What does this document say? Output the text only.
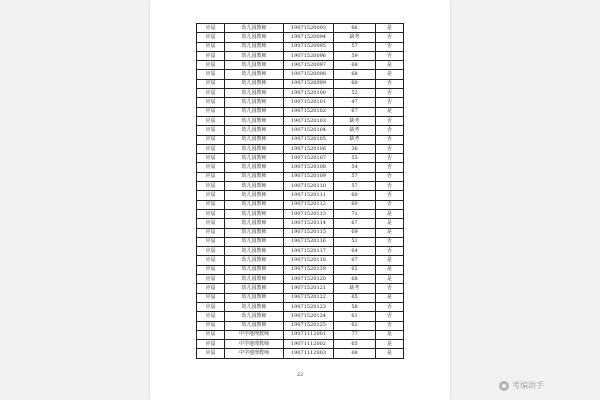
应届	幼儿园教师	19071520093	66	是
应届	幼儿园教师	19071520094	缺考	否
应届	幼儿园教师	19071520095	57	否
应届	幼儿园教师	19071520096	59	否
应届	幼儿园教师	19071520097	68	是
应届	幼儿园教师	19071520098	68	是
应届	幼儿园教师	19071520099	60	否
应届	幼儿园教师	19071520100	52	否
应届	幼儿园教师	19071520101	47	否
应届	幼儿园教师	19071520102	67	是
应届	幼儿园教师	19071520103	缺考	否
应届	幼儿园教师	19071520104	缺考	否
应届	幼儿园教师	19071520105	缺考	否
应届	幼儿园教师	19071520106	36	否
应届	幼儿园教师	19071520107	55	否
应届	幼儿园教师	19071520108	54	否
应届	幼儿园教师	19071520109	57	否
应届	幼儿园教师	19071520110	57	否
应届	幼儿园教师	19071520111	60	否
应届	幼儿园教师	19071520112	60	否
应届	幼儿园教师	19071520113	71	是
应届	幼儿园教师	19071520114	67	是
应届	幼儿园教师	19071520115	69	是
应届	幼儿园教师	19071520116	51	否
应届	幼儿园教师	19071520117	64	否
应届	幼儿园教师	19071520118	67	是
应届	幼儿园教师	19071520119	65	是
应届	幼儿园教师	19071520120	68	是
应届	幼儿园教师	19071520121	缺考	否
应届	幼儿园教师	19071520122	65	是
应届	幼儿园教师	19071520123	58	否
应届	幼儿园教师	19071520124	61	否
应届	幼儿园教师	19071520125	62	否
应届	中学地理教师	19071112001	77	是
应届	中学地理教师	19071112002	65	是
应届	中学地理教师	19071112003	68	是
22
考编助手
